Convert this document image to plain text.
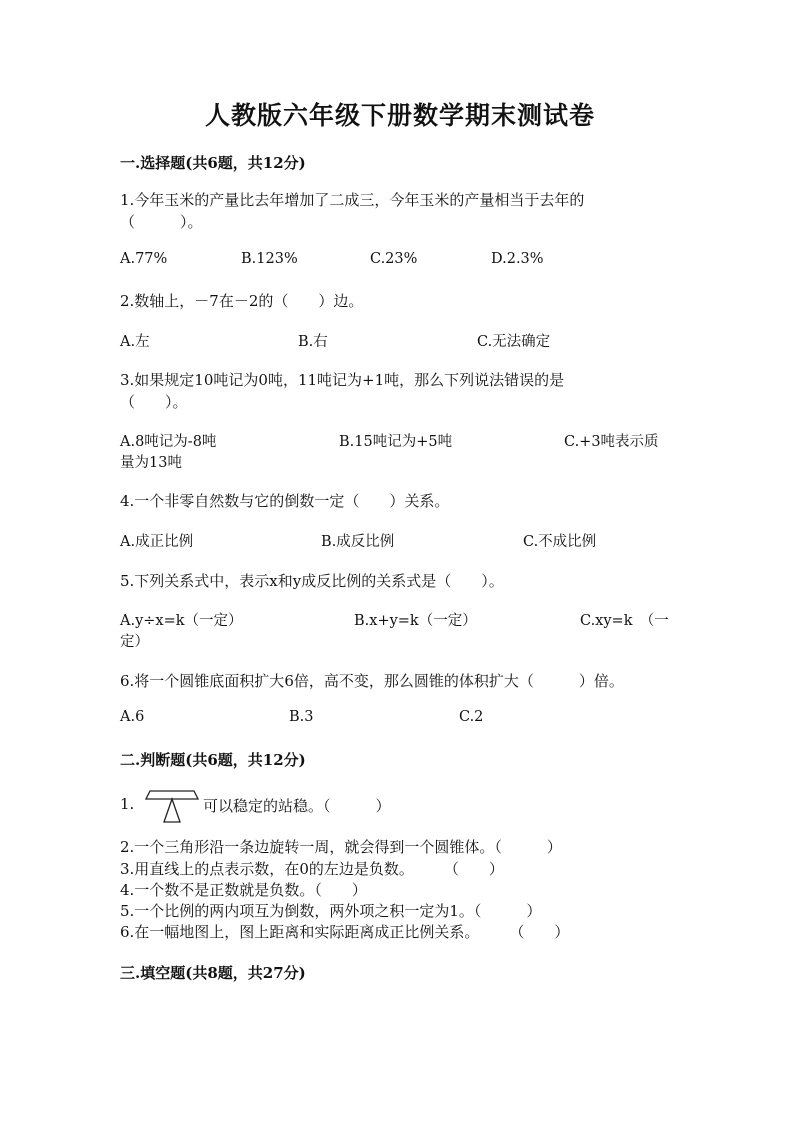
人教版六年级下册数学期末测试卷
一.选择题(共6题，共12分)
1.今年玉米的产量比去年增加了二成三，今年玉米的产量相当于去年的
（　　　）。
A.77%	B.123%	C.23%	D.2.3%
2.数轴上，－7在－2的（　　）边。
A.左	B.右	C.无法确定
3.如果规定10吨记为0吨，11吨记为+1吨，那么下列说法错误的是
（　　）。
A.8吨记为-8吨	B.15吨记为+5吨	C.+3吨表示质
量为13吨
4.一个非零自然数与它的倒数一定（　　）关系。
A.成正比例	B.成反比例	C.不成比例
5.下列关系式中，表示x和y成反比例的关系式是（　　）。
A.y÷x=k（一定）	B.x+y=k（一定）	C.xy=k　（一
定）
6.将一个圆锥底面积扩大6倍，高不变，那么圆锥的体积扩大（　　　）倍。
A.6	B.3	C.2
二.判断题(共6题，共12分)
1.	可以稳定的站稳。（　　　）
2.一个三角形沿一条边旋转一周，就会得到一个圆锥体。（　　　）
3.用直线上的点表示数，在0的左边是负数。　　　（　　）
4.一个数不是正数就是负数。（　　）
5.一个比例的两内项互为倒数，两外项之积一定为1。（　　　）
6.在一幅地图上，图上距离和实际距离成正比例关系。　　　（　　）
三.填空题(共8题，共27分)
